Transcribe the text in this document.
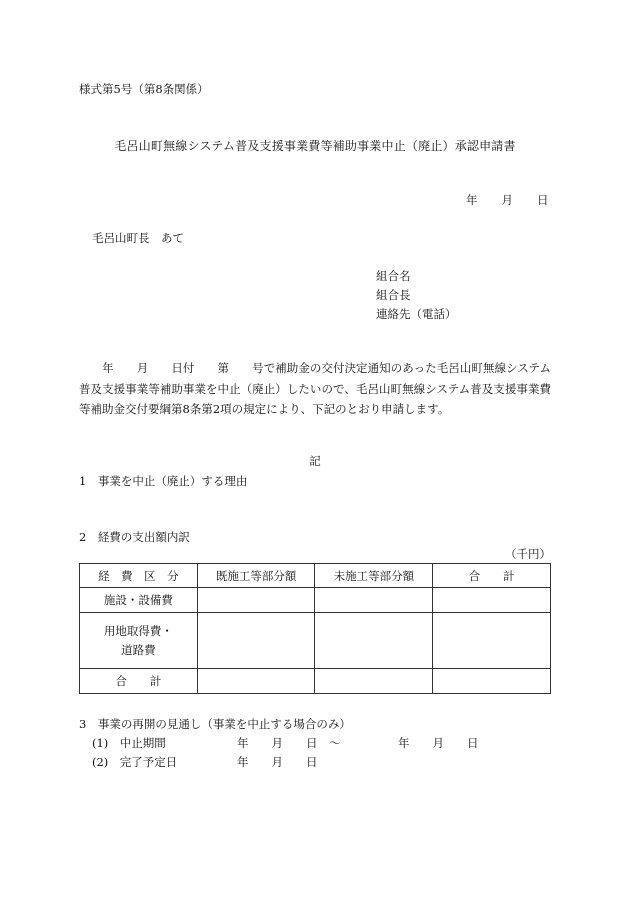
様式第5号（第8条関係）
毛呂山町無線システム普及支援事業費等補助事業中止（廃止）承認申請書
年 月 日
毛呂山町長　あて
組合名
組合長
連絡先（電話）
　　年　　月　　日付　　第　　号で補助金の交付決定通知のあった毛呂山町無線システム普及支援事業等補助事業を中止（廃止）したいので、毛呂山町無線システム普及支援事業費等補助金交付要綱第8条第2項の規定により、下記のとおり申請します。
記
1　事業を中止（廃止）する理由
2　経費の支出額内訳
（千円）
経　費　区　分	既施工等部分額	未施工等部分額	合　　計
施設・設備費			
用地取得費・
道路費			
合　　計			
3　事業の再開の見通し（事業を中止する場合のみ）
(1)　中止期間	年　　月　　日　〜　　　　　年　　月　　日
(2)　完了予定日	年　　月　　日
